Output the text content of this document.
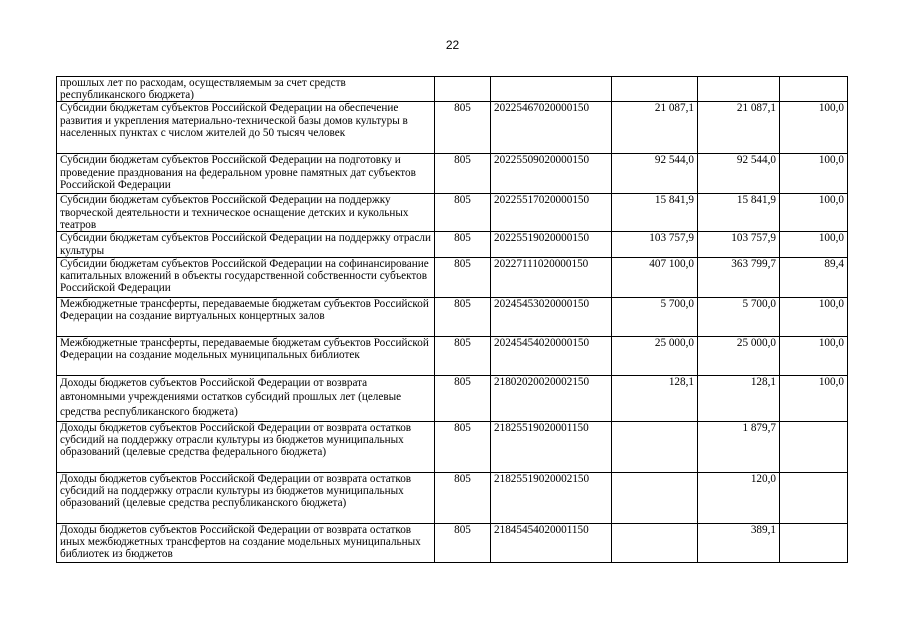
22
прошлых лет по расходам, осуществляемым за счет средств республиканского бюджета)					
Субсидии бюджетам субъектов Российской Федерации на обеспечение развития и укрепления материально-технической базы домов культуры в населенных пунктах с числом жителей до 50 тысяч человек	805	20225467020000150	21 087,1	21 087,1	100,0
Субсидии бюджетам субъектов Российской Федерации на подготовку и проведение празднования на федеральном уровне памятных дат субъектов Российской Федерации	805	20225509020000150	92 544,0	92 544,0	100,0
Субсидии бюджетам субъектов Российской Федерации на поддержку творческой деятельности и техническое оснащение детских и кукольных театров	805	20225517020000150	15 841,9	15 841,9	100,0
Субсидии бюджетам субъектов Российской Федерации на поддержку отрасли культуры	805	20225519020000150	103 757,9	103 757,9	100,0
Субсидии бюджетам субъектов Российской Федерации на софинансирование капитальных вложений в объекты государственной собственности субъектов Российской Федерации	805	20227111020000150	407 100,0	363 799,7	89,4
Межбюджетные трансферты, передаваемые бюджетам субъектов Российской Федерации на создание виртуальных концертных залов	805	20245453020000150	5 700,0	5 700,0	100,0
Межбюджетные трансферты, передаваемые бюджетам субъектов Российской Федерации на создание модельных муниципальных библиотек	805	20245454020000150	25 000,0	25 000,0	100,0
Доходы бюджетов субъектов Российской Федерации от возврата автономными учреждениями остатков субсидий прошлых лет (целевые средства республиканского бюджета)	805	21802020020002150	128,1	128,1	100,0
Доходы бюджетов субъектов Российской Федерации от возврата остатков субсидий на поддержку отрасли культуры из бюджетов муниципальных образований (целевые средства федерального бюджета)	805	21825519020001150		1 879,7	
Доходы бюджетов субъектов Российской Федерации от возврата остатков субсидий на поддержку отрасли культуры из бюджетов муниципальных образований (целевые средства республиканского бюджета)	805	21825519020002150		120,0	
Доходы бюджетов субъектов Российской Федерации от возврата остатков иных межбюджетных трансфертов на создание модельных муниципальных библиотек из бюджетов	805	21845454020001150		389,1	
